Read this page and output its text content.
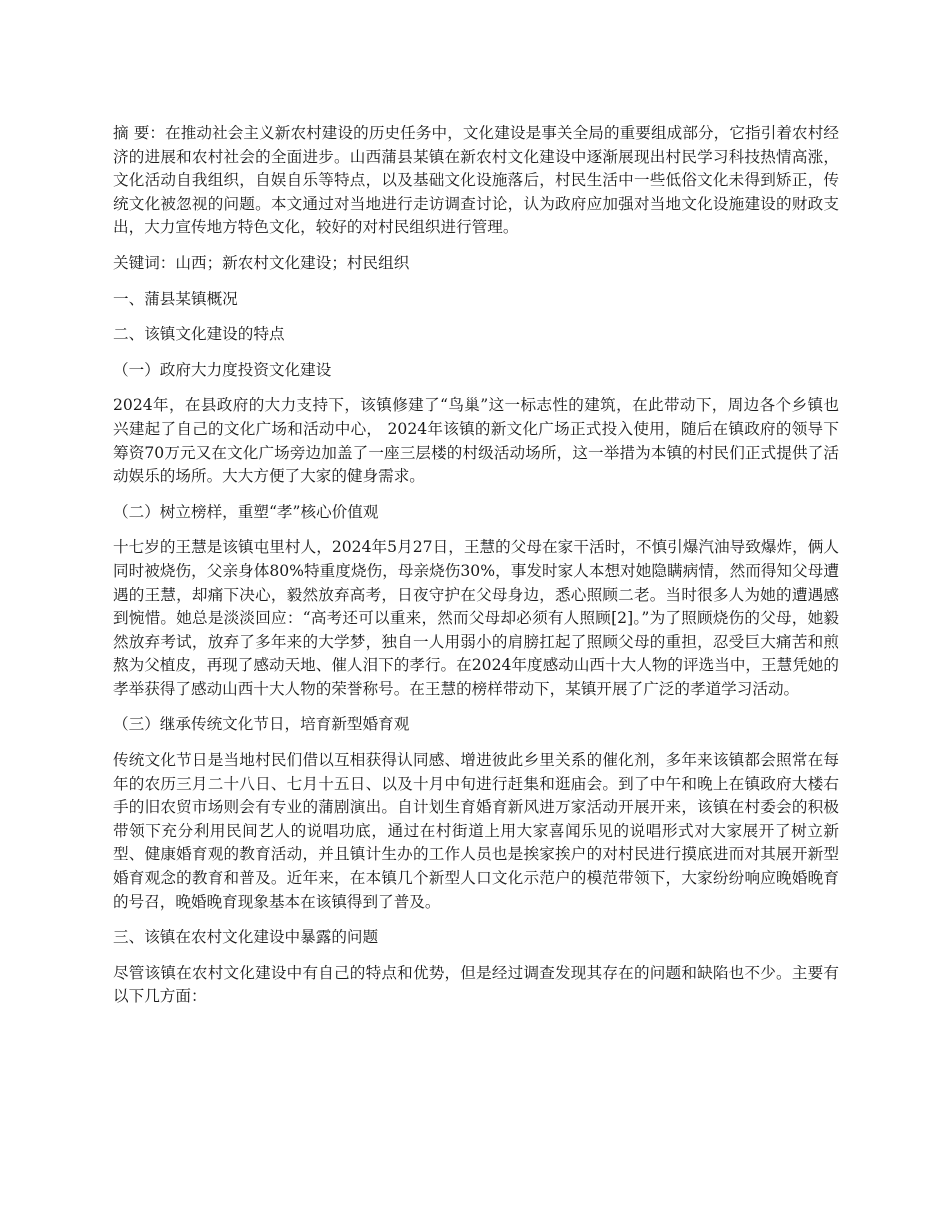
摘 要：在推动社会主义新农村建设的历史任务中，文化建设是事关全局的重要组成部分，它指引着农村经济的进展和农村社会的全面进步。山西蒲县某镇在新农村文化建设中逐渐展现出村民学习科技热情高涨，文化活动自我组织，自娱自乐等特点，以及基础文化设施落后，村民生活中一些低俗文化未得到矫正，传统文化被忽视的问题。本文通过对当地进行走访调查讨论，认为政府应加强对当地文化设施建设的财政支出，大力宣传地方特色文化，较好的对村民组织进行管理。

关键词：山西；新农村文化建设；村民组织

一、蒲县某镇概况

二、该镇文化建设的特点

（一）政府大力度投资文化建设

2024年，在县政府的大力支持下，该镇修建了“鸟巢”这一标志性的建筑，在此带动下，周边各个乡镇也兴建起了自己的文化广场和活动中心， 2024年该镇的新文化广场正式投入使用，随后在镇政府的领导下筹资70万元又在文化广场旁边加盖了一座三层楼的村级活动场所，这一举措为本镇的村民们正式提供了活动娱乐的场所。大大方便了大家的健身需求。

（二）树立榜样，重塑“孝”核心价值观

十七岁的王慧是该镇屯里村人，2024年5月27日，王慧的父母在家干活时，不慎引爆汽油导致爆炸，俩人同时被烧伤，父亲身体80%特重度烧伤，母亲烧伤30%，事发时家人本想对她隐瞒病情，然而得知父母遭遇的王慧，却痛下决心，毅然放弃高考，日夜守护在父母身边，悉心照顾二老。当时很多人为她的遭遇感到惋惜。她总是淡淡回应：“高考还可以重来，然而父母却必须有人照顾[2]。”为了照顾烧伤的父母，她毅然放弃考试，放弃了多年来的大学梦，独自一人用弱小的肩膀扛起了照顾父母的重担，忍受巨大痛苦和煎熬为父植皮，再现了感动天地、催人泪下的孝行。在2024年度感动山西十大人物的评选当中，王慧凭她的孝举获得了感动山西十大人物的荣誉称号。在王慧的榜样带动下，某镇开展了广泛的孝道学习活动。

（三）继承传统文化节日，培育新型婚育观

传统文化节日是当地村民们借以互相获得认同感、增进彼此乡里关系的催化剂，多年来该镇都会照常在每年的农历三月二十八日、七月十五日、以及十月中旬进行赶集和逛庙会。到了中午和晚上在镇政府大楼右手的旧农贸市场则会有专业的蒲剧演出。自计划生育婚育新风进万家活动开展开来，该镇在村委会的积极带领下充分利用民间艺人的说唱功底，通过在村街道上用大家喜闻乐见的说唱形式对大家展开了树立新型、健康婚育观的教育活动，并且镇计生办的工作人员也是挨家挨户的对村民进行摸底进而对其展开新型婚育观念的教育和普及。近年来，在本镇几个新型人口文化示范户的模范带领下，大家纷纷响应晚婚晚育的号召，晚婚晚育现象基本在该镇得到了普及。

三、该镇在农村文化建设中暴露的问题

尽管该镇在农村文化建设中有自己的特点和优势，但是经过调查发现其存在的问题和缺陷也不少。主要有以下几方面：
